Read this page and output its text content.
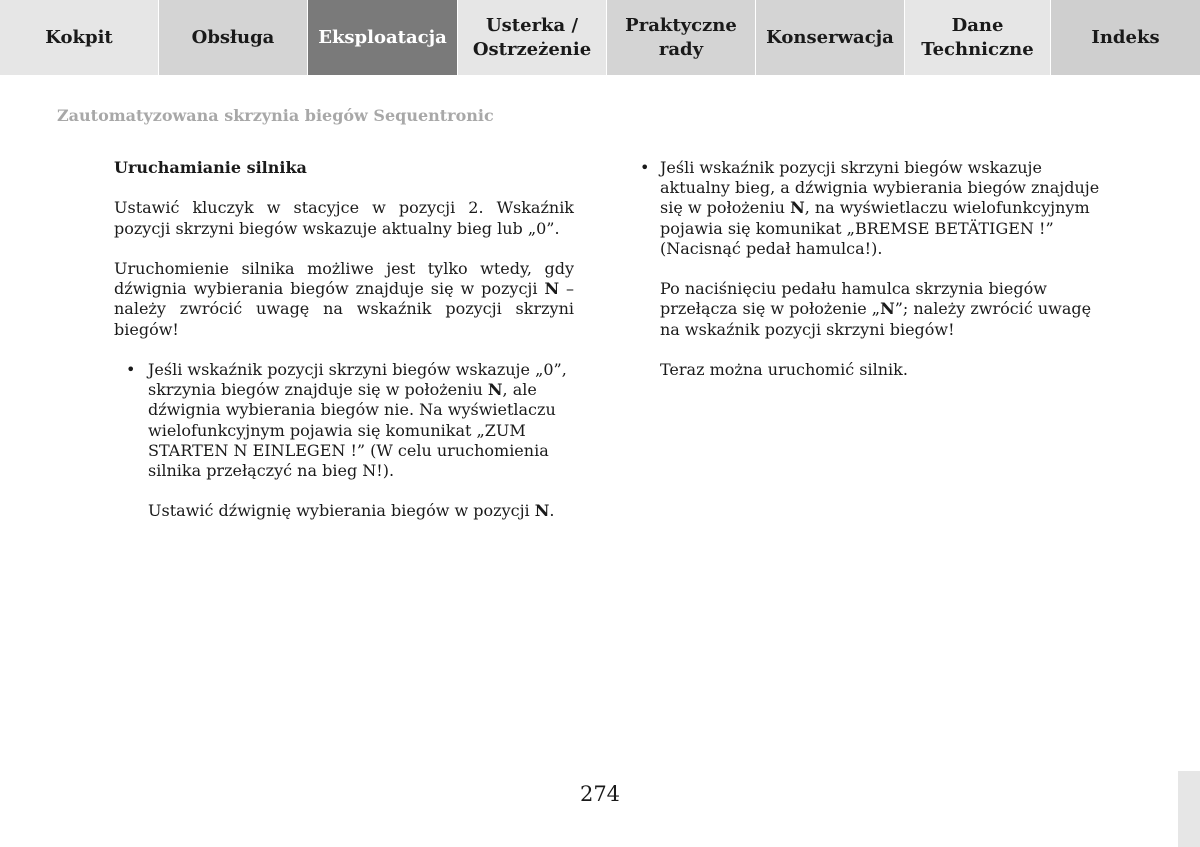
Kokpit	Obsługa	Eksploatacja
Usterka /
Ostrzeżenie
Praktyczne
rady
Konserwacja
Dane
Techniczne
Indeks
Zautomatyzowana skrzynia biegów Sequentronic

Uruchamianie silnika

Ustawić kluczyk w stacyjce w pozycji 2. Wskaźnik pozycji skrzyni biegów wskazuje aktualny bieg lub „0”.

Uruchomienie silnika możliwe jest tylko wtedy, gdy dźwignia wybierania biegów znajduje się w pozycji N – należy zwrócić uwagę na wskaźnik pozycji skrzyni biegów!

• Jeśli wskaźnik pozycji skrzyni biegów wskazuje „0”, skrzynia biegów znajduje się w położeniu N, ale dźwignia wybierania biegów nie. Na wyświetlaczu wielofunkcyjnym pojawia się komunikat „ZUM STARTEN N EINLEGEN !” (W celu uruchomienia silnika przełączyć na bieg N!).

Ustawić dźwignię wybierania biegów w pozycji N.

• Jeśli wskaźnik pozycji skrzyni biegów wskazuje aktualny bieg, a dźwignia wybierania biegów znajduje się w położeniu N, na wyświetlaczu wielofunkcyjnym pojawia się komunikat „BREMSE BETÄTIGEN !” (Nacisnąć pedał hamulca!).

Po naciśnięciu pedału hamulca skrzynia biegów przełącza się w położenie „N”; należy zwrócić uwagę na wskaźnik pozycji skrzyni biegów!

Teraz można uruchomić silnik.

274
